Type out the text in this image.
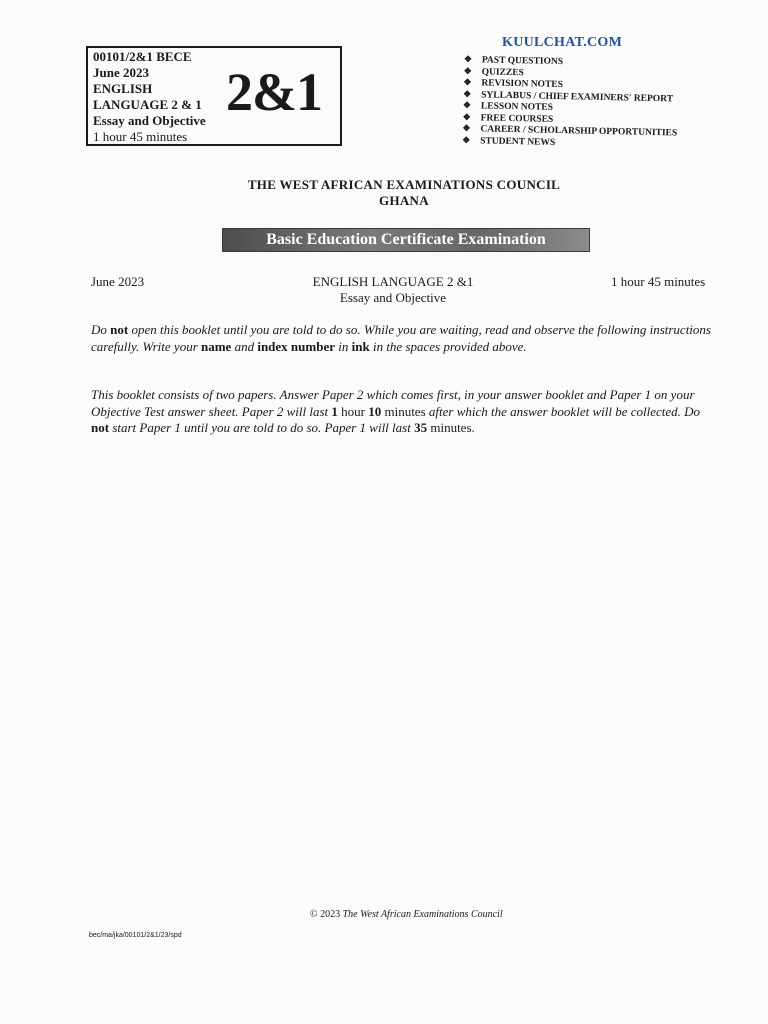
00101/2&1 BECE
June 2023
ENGLISH
LANGUAGE 2 & 1
Essay and Objective
1 hour 45 minutes
2&1
KUULCHAT.COM
❖ PAST QUESTIONS
❖ QUIZZES
❖ REVISION NOTES
❖ SYLLABUS / CHIEF EXAMINERS' REPORT
❖ LESSON NOTES
❖ FREE COURSES
❖ CAREER / SCHOLARSHIP OPPORTUNITIES
❖ STUDENT NEWS
THE WEST AFRICAN EXAMINATIONS COUNCIL
GHANA
Basic Education Certificate Examination
June 2023	ENGLISH LANGUAGE 2 &1
Essay and Objective
1 hour 45 minutes
Do not open this booklet until you are told to do so. While you are waiting, read and observe the following instructions carefully. Write your name and index number in ink in the spaces provided above.
This booklet consists of two papers. Answer Paper 2 which comes first, in your answer booklet and Paper 1 on your Objective Test answer sheet. Paper 2 will last 1 hour 10 minutes after which the answer booklet will be collected. Do not start Paper 1 until you are told to do so. Paper 1 will last 35 minutes.
© 2023 The West African Examinations Council
bec/ma/jka/00101/2&1/23/spd
